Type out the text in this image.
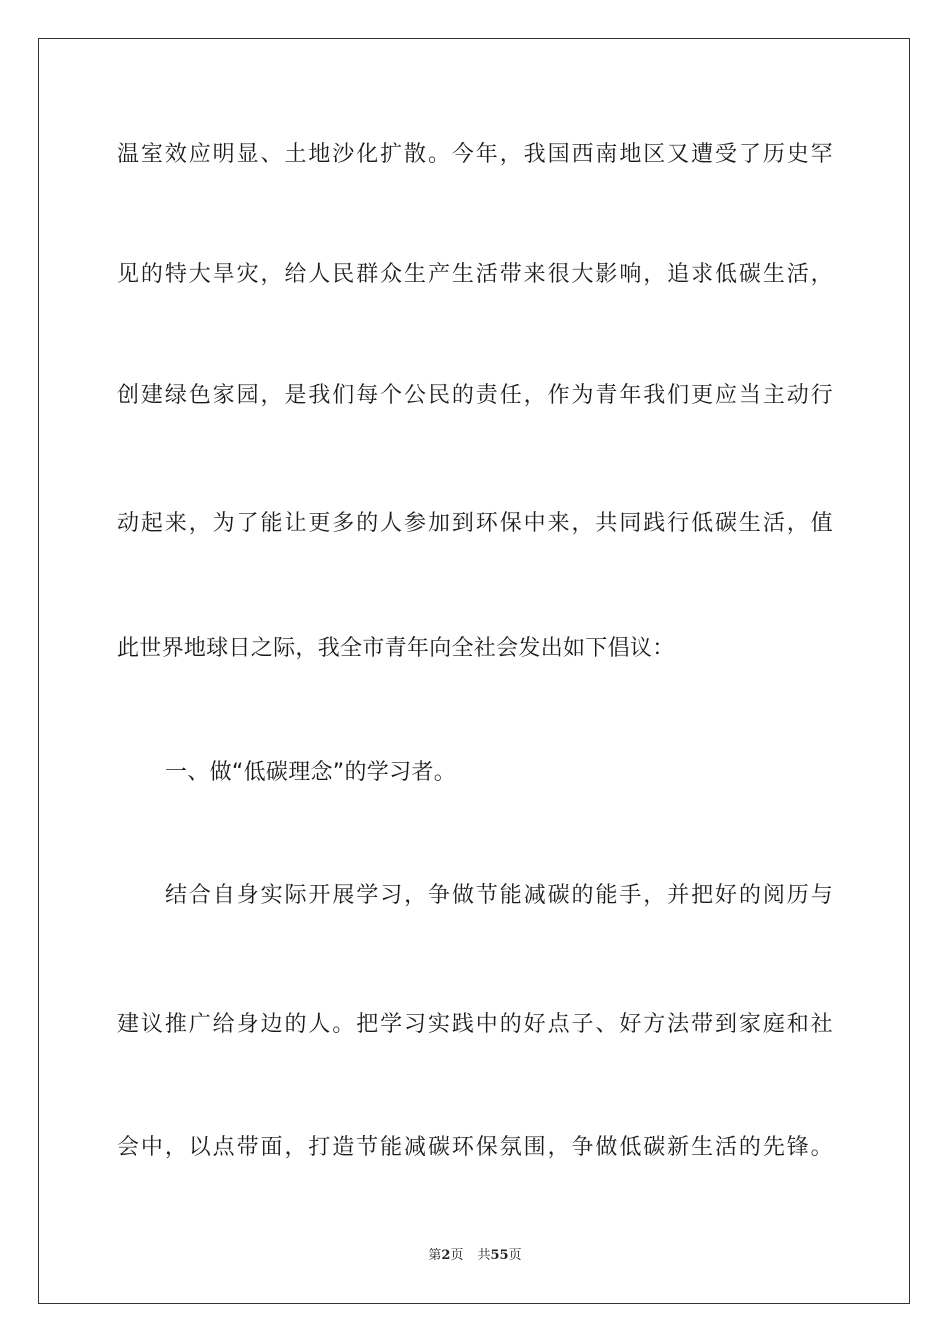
温室效应明显、土地沙化扩散。今年，我国西南地区又遭受了历史罕
见的特大旱灾，给人民群众生产生活带来很大影响，追求低碳生活，
创建绿色家园，是我们每个公民的责任，作为青年我们更应当主动行
动起来，为了能让更多的人参加到环保中来，共同践行低碳生活，值
此世界地球日之际，我全市青年向全社会发出如下倡议：
一、做“低碳理念”的学习者。
结合自身实际开展学习，争做节能减碳的能手，并把好的阅历与
建议推广给身边的人。把学习实践中的好点子、好方法带到家庭和社
会中，以点带面，打造节能减碳环保氛围，争做低碳新生活的先锋。
第2页 共55页
